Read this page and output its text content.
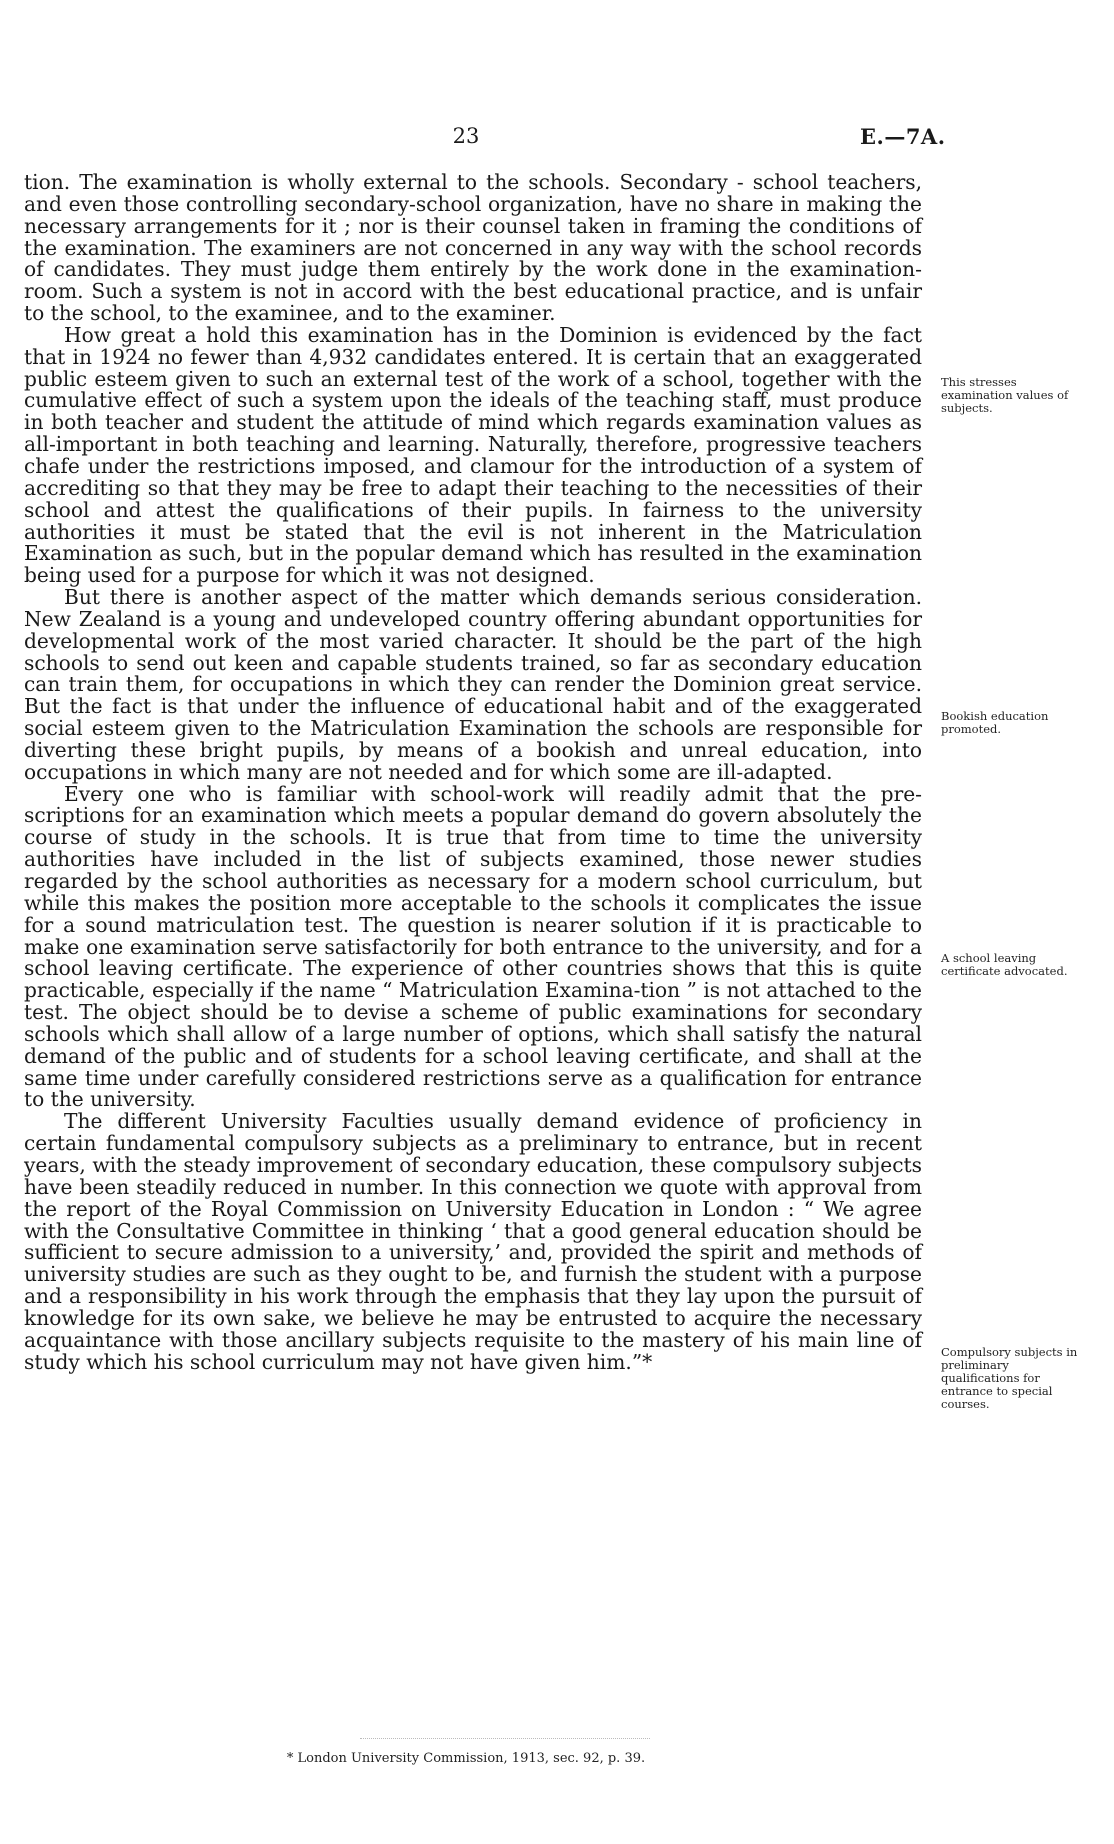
23	E.—7A.

tion. The examination is wholly external to the schools. Secondary - school teachers, and even those controlling secondary-school organization, have no share in making the necessary arrangements for it ; nor is their counsel taken in framing the conditions of the examination. The examiners are not concerned in any way with the school records of candidates. They must judge them entirely by the work done in the examination-room. Such a system is not in accord with the best educational practice, and is unfair to the school, to the examinee, and to the examiner.

How great a hold this examination has in the Dominion is evidenced by the fact that in 1924 no fewer than 4,932 candidates entered. It is certain that an exaggerated public esteem given to such an external test of the work of a school, together with the cumulative effect of such a system upon the ideals of the teaching staff, must produce in both teacher and student the attitude of mind which regards examination values as all-important in both teaching and learning. Naturally, therefore, progressive teachers chafe under the restrictions imposed, and clamour for the introduction of a system of accrediting so that they may be free to adapt their teaching to the necessities of their school and attest the qualifications of their pupils. In fairness to the university authorities it must be stated that the evil is not inherent in the Matriculation Examination as such, but in the popular demand which has resulted in the examination being used for a purpose for which it was not designed.

But there is another aspect of the matter which demands serious consideration. New Zealand is a young and undeveloped country offering abundant opportunities for developmental work of the most varied character. It should be the part of the high schools to send out keen and capable students trained, so far as secondary education can train them, for occupations in which they can render the Dominion great service. But the fact is that under the influence of educational habit and of the exaggerated social esteem given to the Matriculation Examination the schools are responsible for diverting these bright pupils, by means of a bookish and unreal education, into occupations in which many are not needed and for which some are ill-adapted.

Every one who is familiar with school-work will readily admit that the pre-scriptions for an examination which meets a popular demand do govern absolutely the course of study in the schools. It is true that from time to time the university authorities have included in the list of subjects examined, those newer studies regarded by the school authorities as necessary for a modern school curriculum, but while this makes the position more acceptable to the schools it complicates the issue for a sound matriculation test. The question is nearer solution if it is practicable to make one examination serve satisfactorily for both entrance to the university, and for a school leaving certificate. The experience of other countries shows that this is quite practicable, especially if the name “ Matriculation Examina-tion ” is not attached to the test. The object should be to devise a scheme of public examinations for secondary schools which shall allow of a large number of options, which shall satisfy the natural demand of the public and of students for a school leaving certificate, and shall at the same time under carefully considered restrictions serve as a qualification for entrance to the university.

The different University Faculties usually demand evidence of proficiency in certain fundamental compulsory subjects as a preliminary to entrance, but in recent years, with the steady improvement of secondary education, these compulsory subjects have been steadily reduced in number. In this connection we quote with approval from the report of the Royal Commission on University Education in London : “ We agree with the Consultative Committee in thinking ‘ that a good general education should be sufficient to secure admission to a university,’ and, provided the spirit and methods of university studies are such as they ought to be, and furnish the student with a purpose and a responsibility in his work through the emphasis that they lay upon the pursuit of knowledge for its own sake, we believe he may be entrusted to acquire the necessary acquaintance with those ancillary subjects requisite to the mastery of his main line of study which his school curriculum may not have given him.”*

This stresses examination values of subjects.
Bookish education promoted.
A school leaving certificate advocated.
Compulsory subjects in preliminary qualifications for entrance to special courses.
* London University Commission, 1913, sec. 92, p. 39.
